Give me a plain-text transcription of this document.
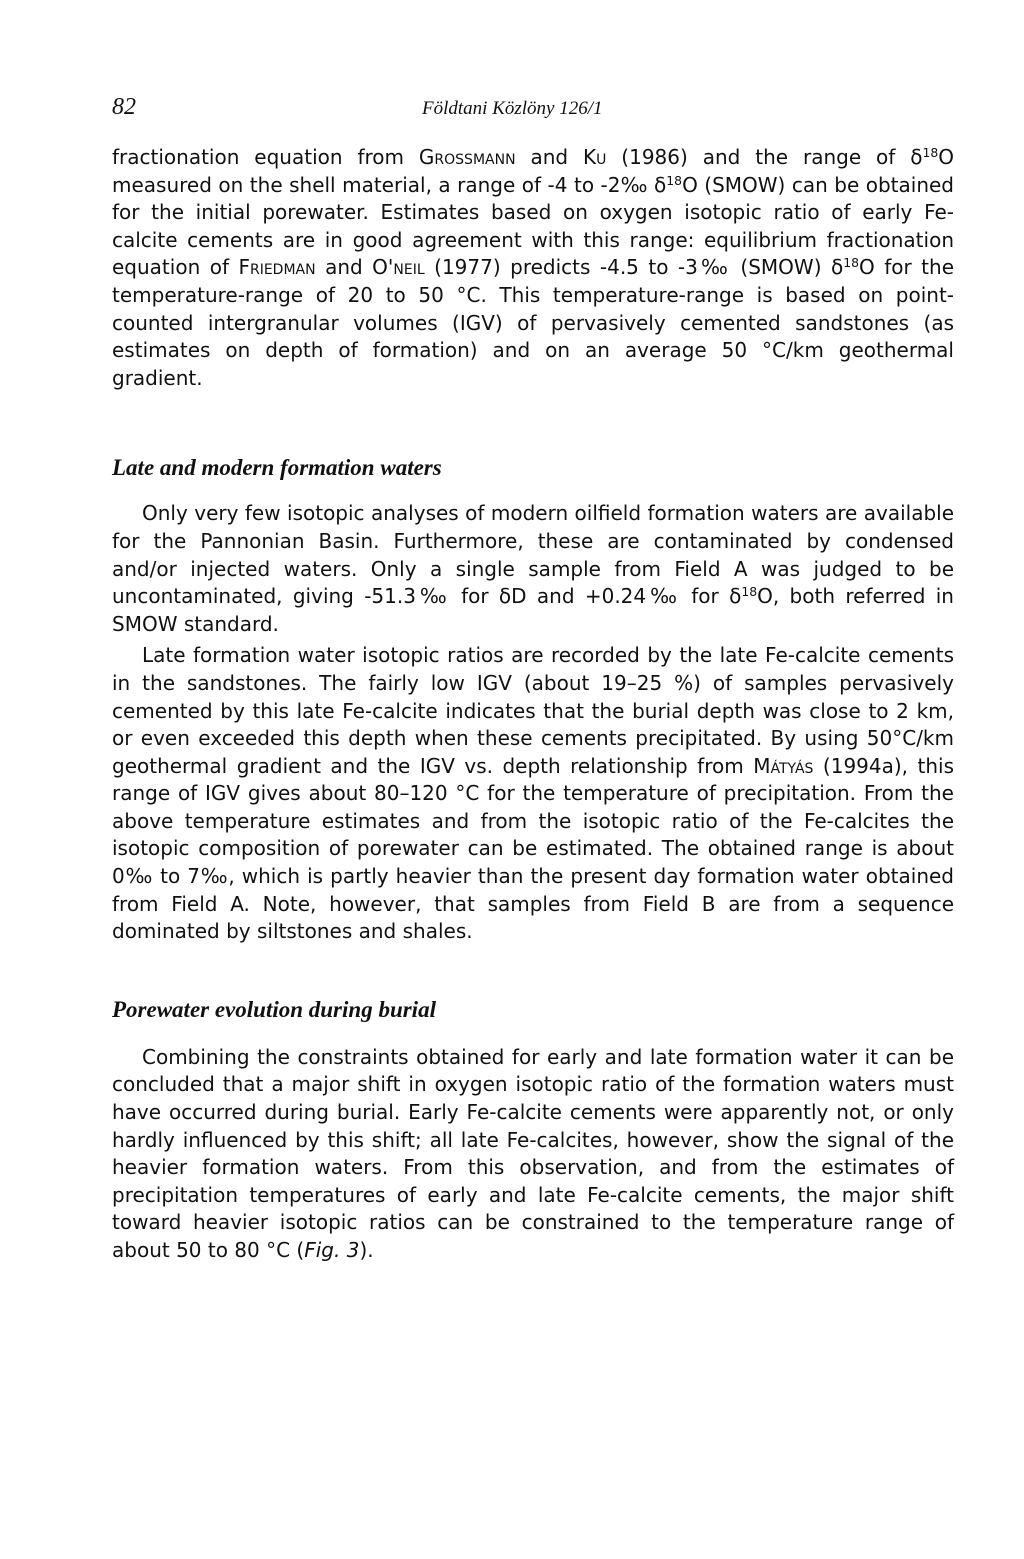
82	Földtani Közlöny 126/1

fractionation equation from Grossmann and Ku (1986) and the range of $\delta^{18}O$ measured on the shell material, a range of -4 to -2‰ $\delta^{18}O$ (SMOW) can be obtained for the initial porewater. Estimates based on oxygen isotopic ratio of early Fe-calcite cements are in good agreement with this range: equilibrium fractionation equation of Friedman and O'neil (1977) predicts -4.5 to -3‰ (SMOW) $\delta^{18}O$ for the temperature-range of 20 to 50 °C. This temperature-range is based on point-counted intergranular volumes (IGV) of pervasively cemented sandstones (as estimates on depth of formation) and on an average 50 °C/km geothermal gradient.

Late and modern formation waters

Only very few isotopic analyses of modern oilfield formation waters are available for the Pannonian Basin. Furthermore, these are contaminated by condensed and/or injected waters. Only a single sample from Field A was judged to be uncontaminated, giving -51.3‰ for δD and +0.24‰ for $\delta^{18}O$, both referred in SMOW standard.

Late formation water isotopic ratios are recorded by the late Fe-calcite cements in the sandstones. The fairly low IGV (about 19–25 %) of samples pervasively cemented by this late Fe-calcite indicates that the burial depth was close to 2 km, or even exceeded this depth when these cements precipitated. By using 50°C/km geothermal gradient and the IGV vs. depth relationship from Mátyás (1994a), this range of IGV gives about 80–120 °C for the temperature of precipitation. From the above temperature estimates and from the isotopic ratio of the Fe-calcites the isotopic composition of porewater can be estimated. The obtained range is about 0‰ to 7‰, which is partly heavier than the present day formation water obtained from Field A. Note, however, that samples from Field B are from a sequence dominated by siltstones and shales.

Porewater evolution during burial

Combining the constraints obtained for early and late formation water it can be concluded that a major shift in oxygen isotopic ratio of the formation waters must have occurred during burial. Early Fe-calcite cements were apparently not, or only hardly influenced by this shift; all late Fe-calcites, however, show the signal of the heavier formation waters. From this observation, and from the estimates of precipitation temperatures of early and late Fe-calcite cements, the major shift toward heavier isotopic ratios can be constrained to the temperature range of about 50 to 80 °C (Fig. 3).
